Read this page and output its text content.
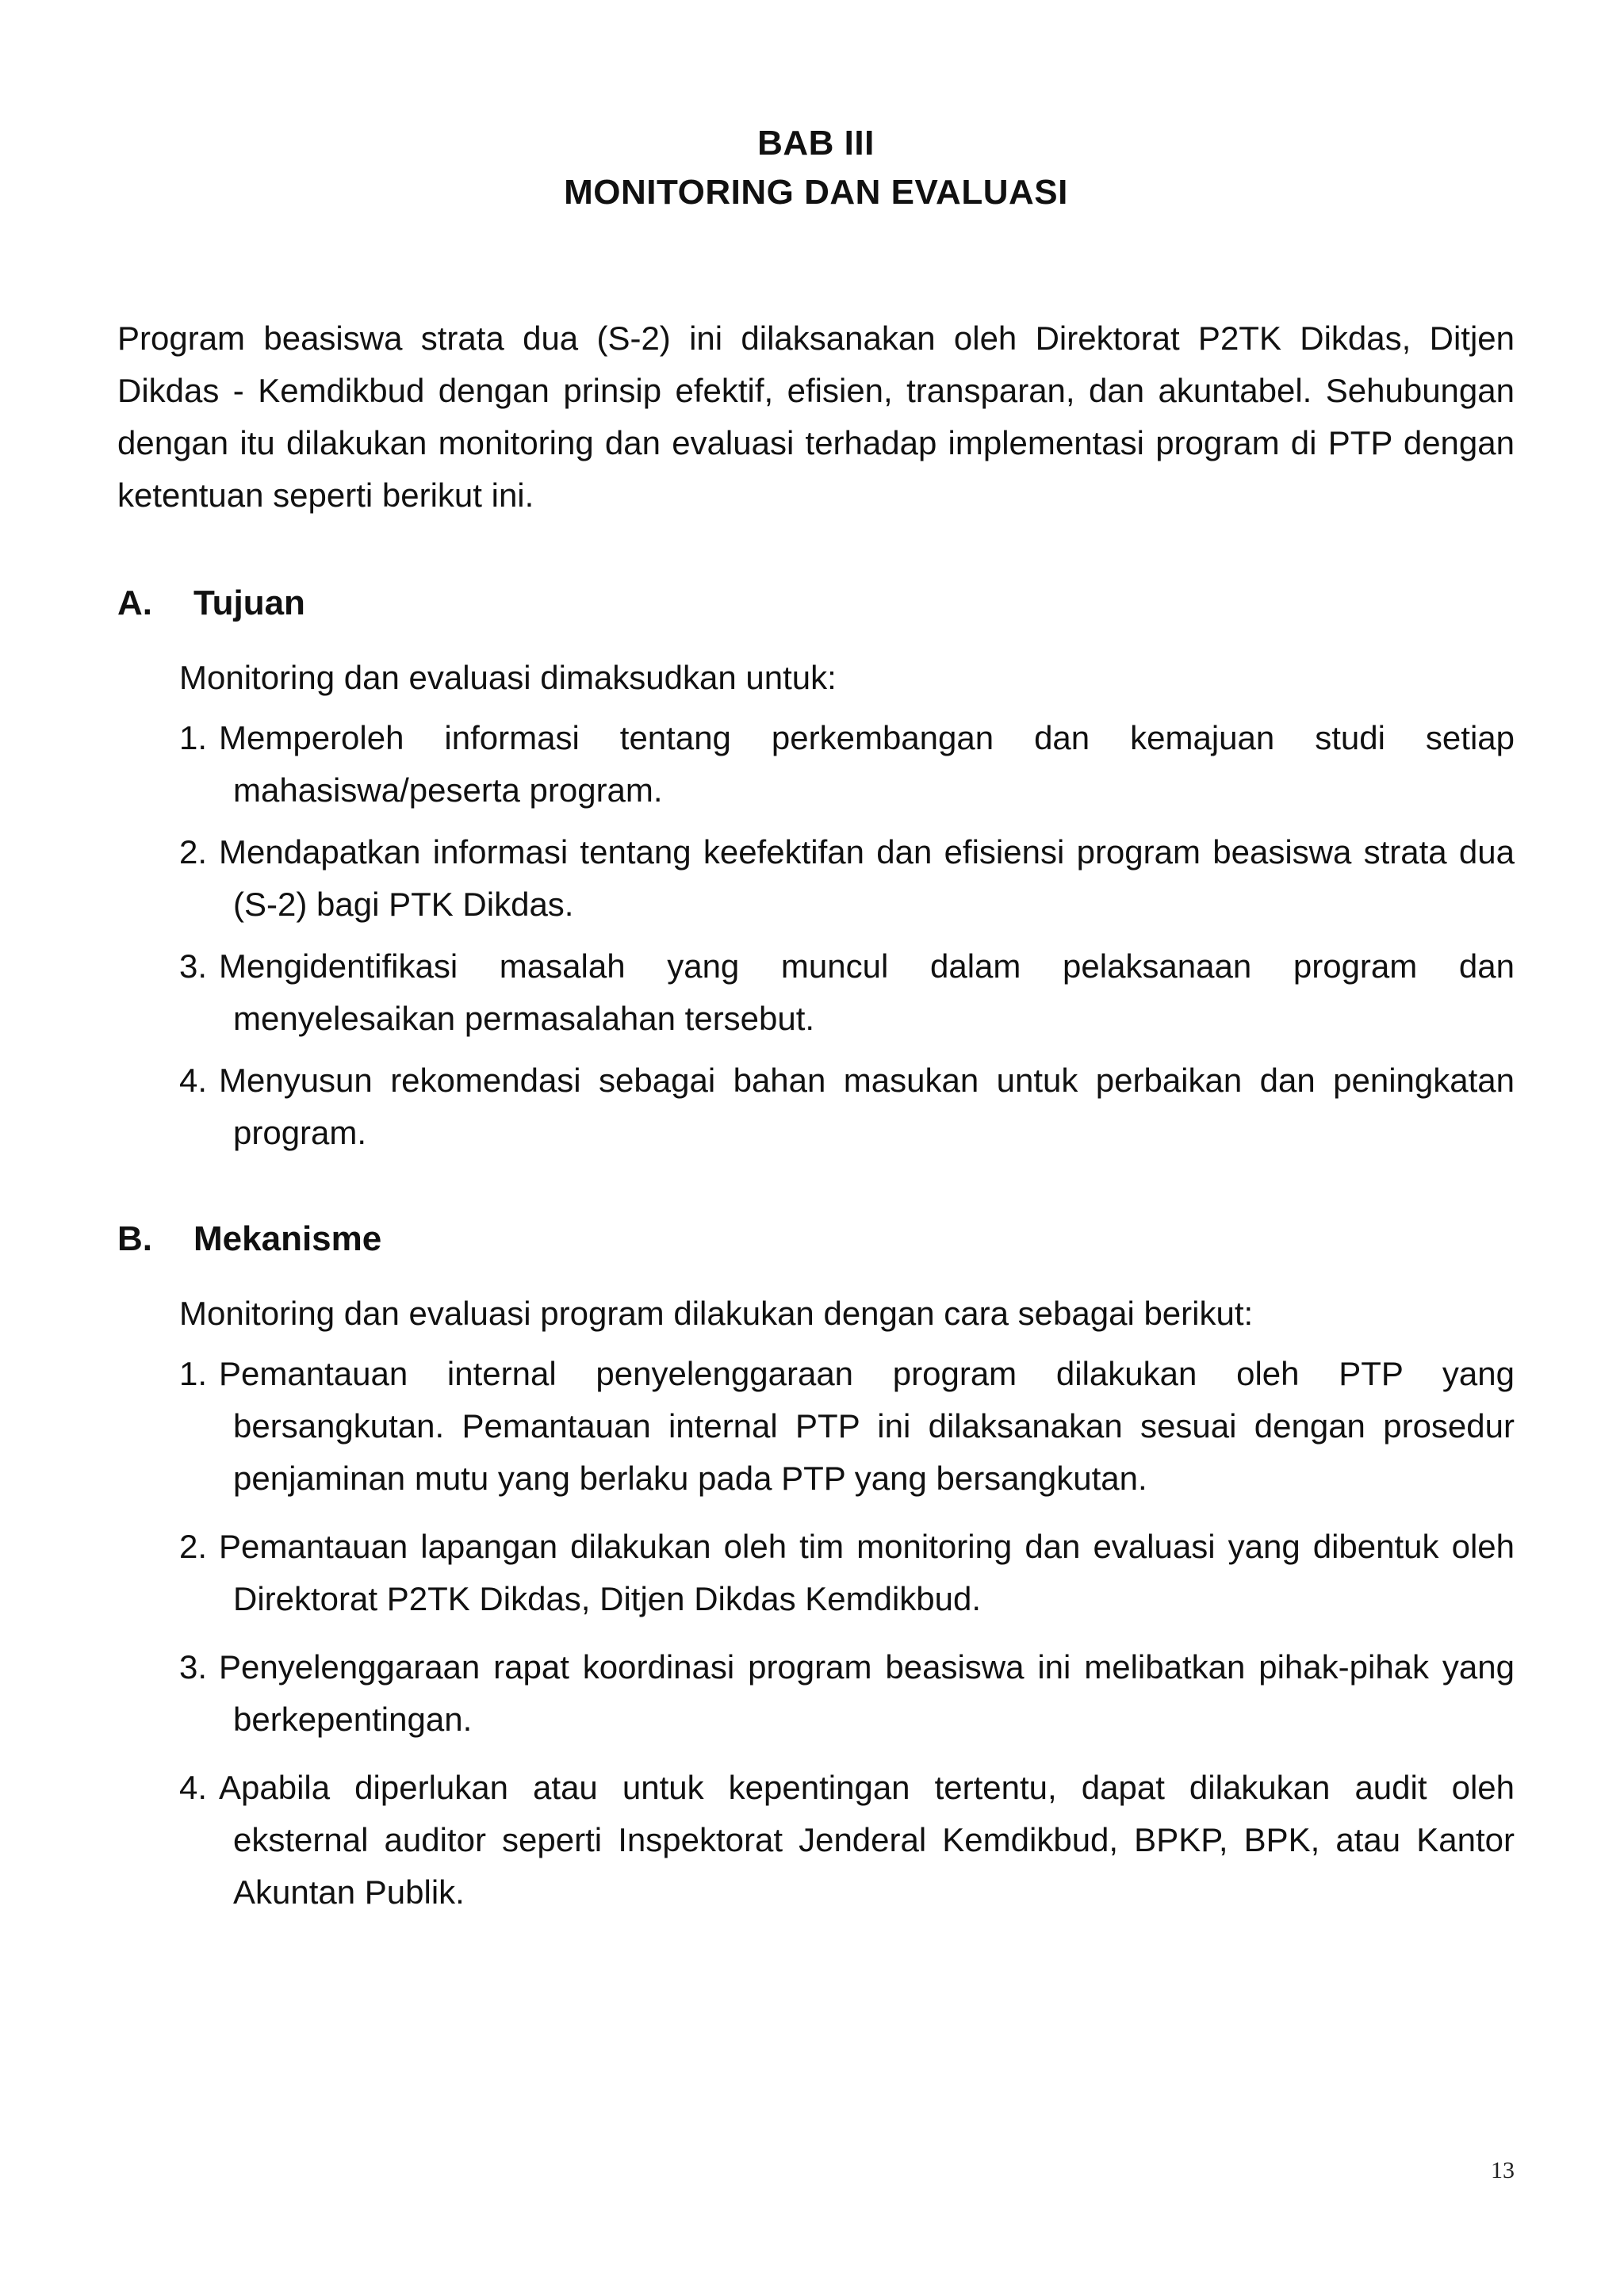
BAB III
MONITORING DAN EVALUASI

Program beasiswa strata dua (S-2) ini dilaksanakan oleh Direktorat P2TK Dikdas, Ditjen Dikdas - Kemdikbud dengan prinsip efektif, efisien, transparan, dan akuntabel. Sehubungan dengan itu dilakukan monitoring dan evaluasi terhadap implementasi program di PTP dengan ketentuan seperti berikut ini.

A.	Tujuan

Monitoring dan evaluasi dimaksudkan untuk:

1. Memperoleh informasi tentang perkembangan dan kemajuan studi setiap mahasiswa/peserta program.
2. Mendapatkan informasi tentang keefektifan dan efisiensi program beasiswa strata dua (S-2) bagi PTK Dikdas.
3. Mengidentifikasi masalah yang muncul dalam pelaksanaan program dan menyelesaikan permasalahan tersebut.
4. Menyusun rekomendasi sebagai bahan masukan untuk perbaikan dan peningkatan program.
B.	Mekanisme

Monitoring dan evaluasi program dilakukan dengan cara sebagai berikut:

1. Pemantauan internal penyelenggaraan program dilakukan oleh PTP yang bersangkutan. Pemantauan internal PTP ini dilaksanakan sesuai dengan prosedur penjaminan mutu yang berlaku pada PTP yang bersangkutan.
2. Pemantauan lapangan dilakukan oleh tim monitoring dan evaluasi yang dibentuk oleh Direktorat P2TK Dikdas, Ditjen Dikdas Kemdikbud.
3. Penyelenggaraan rapat koordinasi program beasiswa ini melibatkan pihak-pihak yang berkepentingan.
4. Apabila diperlukan atau untuk kepentingan tertentu, dapat dilakukan audit oleh eksternal auditor seperti Inspektorat Jenderal Kemdikbud, BPKP, BPK, atau Kantor Akuntan Publik.
13
